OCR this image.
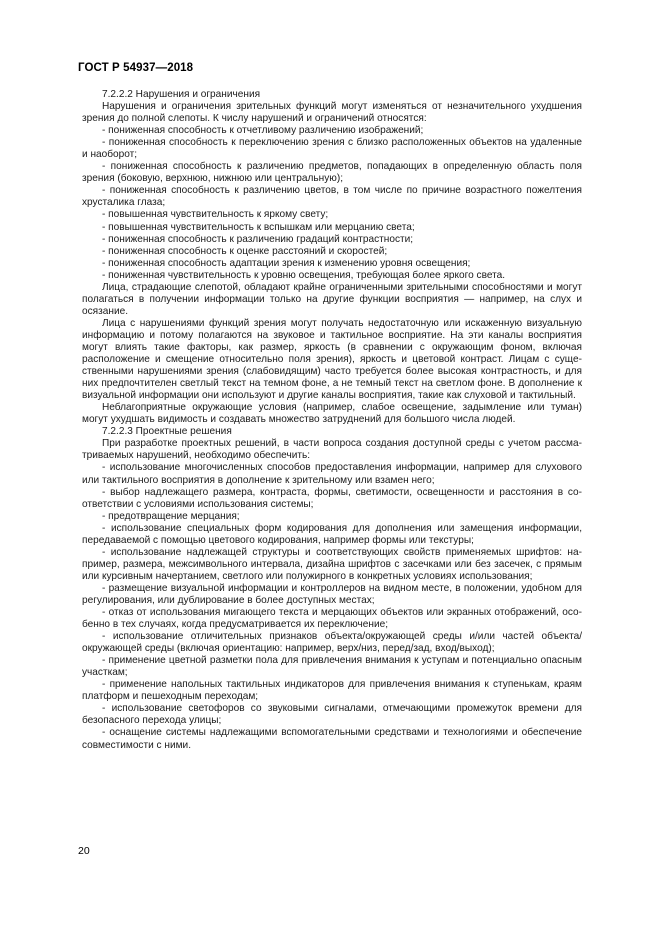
ГОСТ Р 54937—2018

7.2.2.2 Нарушения и ограничения

Нарушения и ограничения зрительных функций могут изменяться от незначительного ухудшения зрения до полной слепоты. К числу нарушений и ограничений относятся:

- пониженная способность к отчетливому различению изображений;

- пониженная способность к переключению зрения с близко расположенных объектов на удаленные и наоборот;

- пониженная способность к различению предметов, попадающих в определенную область поля зрения (боковую, верхнюю, нижнюю или центральную);

- пониженная способность к различению цветов, в том числе по причине возрастного пожелтения хрусталика глаза;

- повышенная чувствительность к яркому свету;

- повышенная чувствительность к вспышкам или мерцанию света;

- пониженная способность к различению градаций контрастности;

- пониженная способность к оценке расстояний и скоростей;

- пониженная способность адаптации зрения к изменению уровня освещения;

- пониженная чувствительность к уровню освещения, требующая более яркого света.

Лица, страдающие слепотой, обладают крайне ограниченными зрительными способностями и могут полагаться в получении информации только на другие функции восприятия — например, на слух и осязание.

Лица с нарушениями функций зрения могут получать недостаточную или искаженную визуальную информацию и потому полагаются на звуковое и тактильное восприятие. На эти каналы восприятия могут влиять такие факторы, как размер, яркость (в сравнении с окружающим фоном, включая расположение и смещение относительно поля зрения), яркость и цветовой контраст. Лицам с существенными нарушениями зрения (слабовидящим) часто требуется более высокая контрастность, и для них предпочтителен светлый текст на темном фоне, а не темный текст на светлом фоне. В дополнение к визуальной информации они используют и другие каналы восприятия, такие как слуховой и тактильный.

Неблагоприятные окружающие условия (например, слабое освещение, задымление или туман) могут ухудшать видимость и создавать множество затруднений для большого числа людей.

7.2.2.3 Проектные решения

При разработке проектных решений, в части вопроса создания доступной среды с учетом рассматриваемых нарушений, необходимо обеспечить:

- использование многочисленных способов предоставления информации, например для слухового или тактильного восприятия в дополнение к зрительному или взамен него;

- выбор надлежащего размера, контраста, формы, светимости, освещенности и расстояния в соответствии с условиями использования системы;

- предотвращение мерцания;

- использование специальных форм кодирования для дополнения или замещения информации, передаваемой с помощью цветового кодирования, например формы или текстуры;

- использование надлежащей структуры и соответствующих свойств применяемых шрифтов: например, размера, межсимвольного интервала, дизайна шрифтов с засечками или без засечек, с прямым или курсивным начертанием, светлого или полужирного в конкретных условиях использования;

- размещение визуальной информации и контроллеров на видном месте, в положении, удобном для регулирования, или дублирование в более доступных местах;

- отказ от использования мигающего текста и мерцающих объектов или экранных отображений, особенно в тех случаях, когда предусматривается их переключение;

- использование отличительных признаков объекта/окружающей среды и/или частей объекта/ окружающей среды (включая ориентацию: например, верх/низ, перед/зад, вход/выход);

- применение цветной разметки пола для привлечения внимания к уступам и потенциально опасным участкам;

- применение напольных тактильных индикаторов для привлечения внимания к ступенькам, краям платформ и пешеходным переходам;

- использование светофоров со звуковыми сигналами, отмечающими промежуток времени для безопасного перехода улицы;

- оснащение системы надлежащими вспомогательными средствами и технологиями и обеспечение совместимости с ними.

20
